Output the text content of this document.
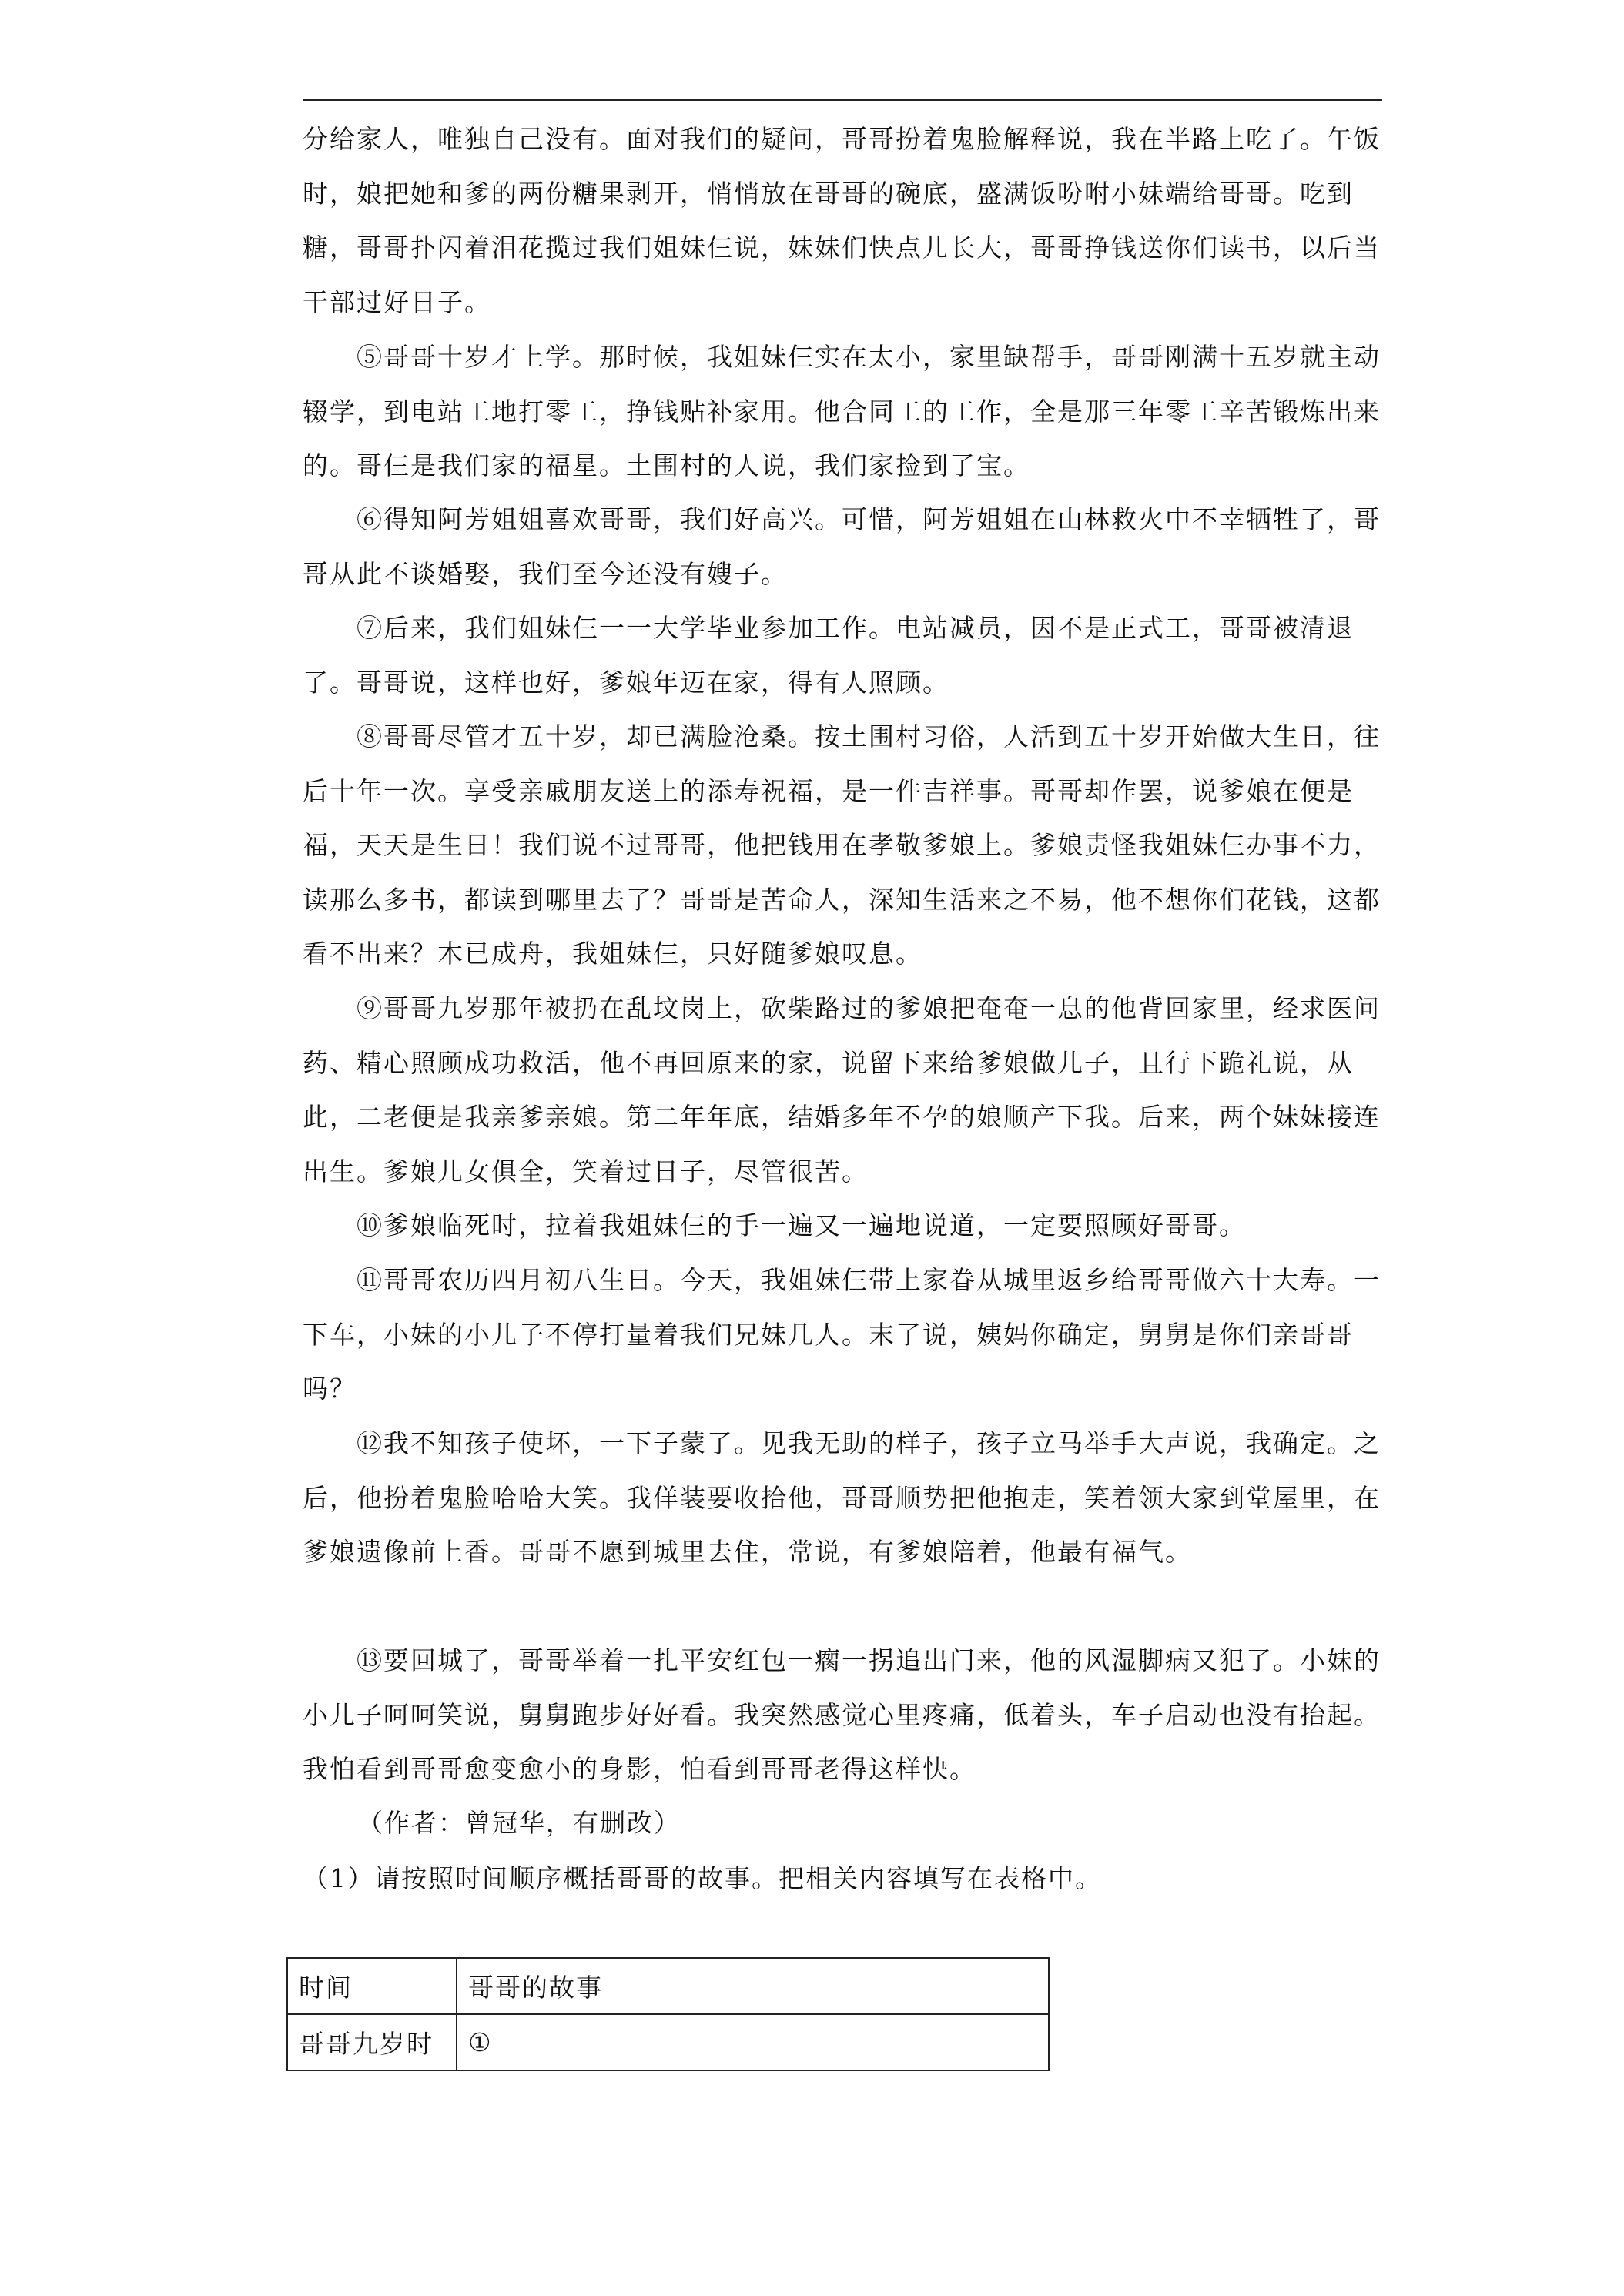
分给家人，唯独自己没有。面对我们的疑问，哥哥扮着鬼脸解释说，我在半路上吃了。午饭时，娘把她和爹的两份糖果剥开，悄悄放在哥哥的碗底，盛满饭吩咐小妹端给哥哥。吃到糖，哥哥扑闪着泪花揽过我们姐妹仨说，妹妹们快点儿长大，哥哥挣钱送你们读书，以后当干部过好日子。

　　⑤哥哥十岁才上学。那时候，我姐妹仨实在太小，家里缺帮手，哥哥刚满十五岁就主动辍学，到电站工地打零工，挣钱贴补家用。他合同工的工作，全是那三年零工辛苦锻炼出来的。哥仨是我们家的福星。土围村的人说，我们家捡到了宝。

　　⑥得知阿芳姐姐喜欢哥哥，我们好高兴。可惜，阿芳姐姐在山林救火中不幸牺牲了，哥哥从此不谈婚娶，我们至今还没有嫂子。

　　⑦后来，我们姐妹仨一一大学毕业参加工作。电站减员，因不是正式工，哥哥被清退了。哥哥说，这样也好，爹娘年迈在家，得有人照顾。

　　⑧哥哥尽管才五十岁，却已满脸沧桑。按土围村习俗，人活到五十岁开始做大生日，往后十年一次。享受亲戚朋友送上的添寿祝福，是一件吉祥事。哥哥却作罢，说爹娘在便是福，天天是生日！我们说不过哥哥，他把钱用在孝敬爹娘上。爹娘责怪我姐妹仨办事不力，读那么多书，都读到哪里去了？哥哥是苦命人，深知生活来之不易，他不想你们花钱，这都看不出来？木已成舟，我姐妹仨，只好随爹娘叹息。

　　⑨哥哥九岁那年被扔在乱坟岗上，砍柴路过的爹娘把奄奄一息的他背回家里，经求医问药、精心照顾成功救活，他不再回原来的家，说留下来给爹娘做儿子，且行下跪礼说，从此，二老便是我亲爹亲娘。第二年年底，结婚多年不孕的娘顺产下我。后来，两个妹妹接连出生。爹娘儿女俱全，笑着过日子，尽管很苦。

　　⑩爹娘临死时，拉着我姐妹仨的手一遍又一遍地说道，一定要照顾好哥哥。

　　⑪哥哥农历四月初八生日。今天，我姐妹仨带上家眷从城里返乡给哥哥做六十大寿。一下车，小妹的小儿子不停打量着我们兄妹几人。末了说，姨妈你确定，舅舅是你们亲哥哥吗？

　　⑫我不知孩子使坏，一下子蒙了。见我无助的样子，孩子立马举手大声说，我确定。之后，他扮着鬼脸哈哈大笑。我佯装要收拾他，哥哥顺势把他抱走，笑着领大家到堂屋里，在爹娘遗像前上香。哥哥不愿到城里去住，常说，有爹娘陪着，他最有福气。

　　⑬要回城了，哥哥举着一扎平安红包一瘸一拐追出门来，他的风湿脚病又犯了。小妹的小儿子呵呵笑说，舅舅跑步好好看。我突然感觉心里疼痛，低着头，车子启动也没有抬起。我怕看到哥哥愈变愈小的身影，怕看到哥哥老得这样快。

（作者：曾冠华，有删改）

（1）请按照时间顺序概括哥哥的故事。把相关内容填写在表格中。

时间	哥哥的故事
哥哥九岁时	①
